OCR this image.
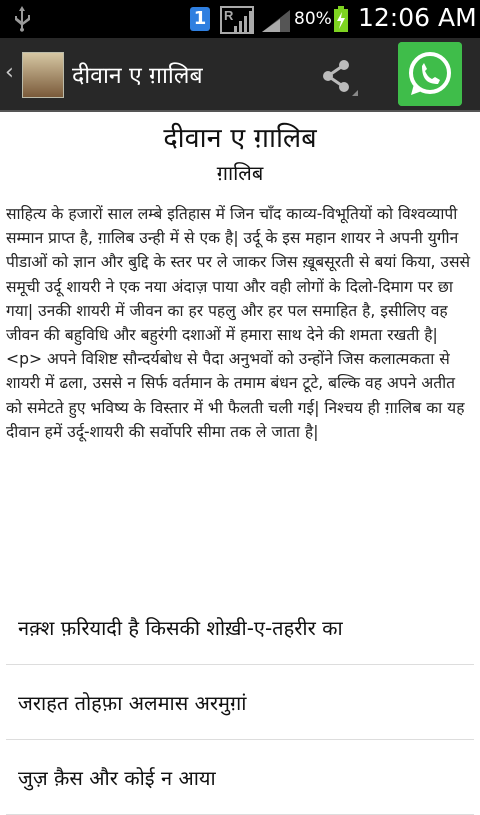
1 R	80% 12:06 AM
‹	दीवान ए ग़ालिब
दीवान ए ग़ालिब
ग़ालिब
साहित्य के हजारों साल लम्बे इतिहास में जिन चाँद काव्य-विभूतियों को विश्वव्यापी सम्मान प्राप्त है, ग़ालिब उन्ही में से एक है| उर्दू के इस महान शायर ने अपनी युगीन पीडाओं को ज्ञान और बुद्दि के स्तर पर ले जाकर जिस ख़ूबसूरती से बयां किया, उससे समूची उर्दू शायरी ने एक नया अंदाज़ पाया और वही लोगों के दिलो-दिमाग पर छा गया| उनकी शायरी में जीवन का हर पहलु और हर पल समाहित है, इसीलिए वह जीवन की बहुविधि और बहुरंगी दशाओं में हमारा साथ देने की शमता रखती है| <p> अपने विशिष्ट सौन्दर्यबोध से पैदा अनुभवों को उन्होंने जिस कलात्मकता से शायरी में ढला, उससे न सिर्फ वर्तमान के तमाम बंधन टूटे, बल्कि वह अपने अतीत को समेटते हुए भविष्य के विस्तार में भी फैलती चली गई| निश्चय ही ग़ालिब का यह दीवान हमें उर्दू-शायरी की सर्वोपरि सीमा तक ले जाता है|
नक़्श फ़रियादी है किसकी शोख़ी-ए-तहरीर का
जराहत तोहफ़ा अलमास अरमुग़ां
जुज़ क़ैस और कोई न आया
